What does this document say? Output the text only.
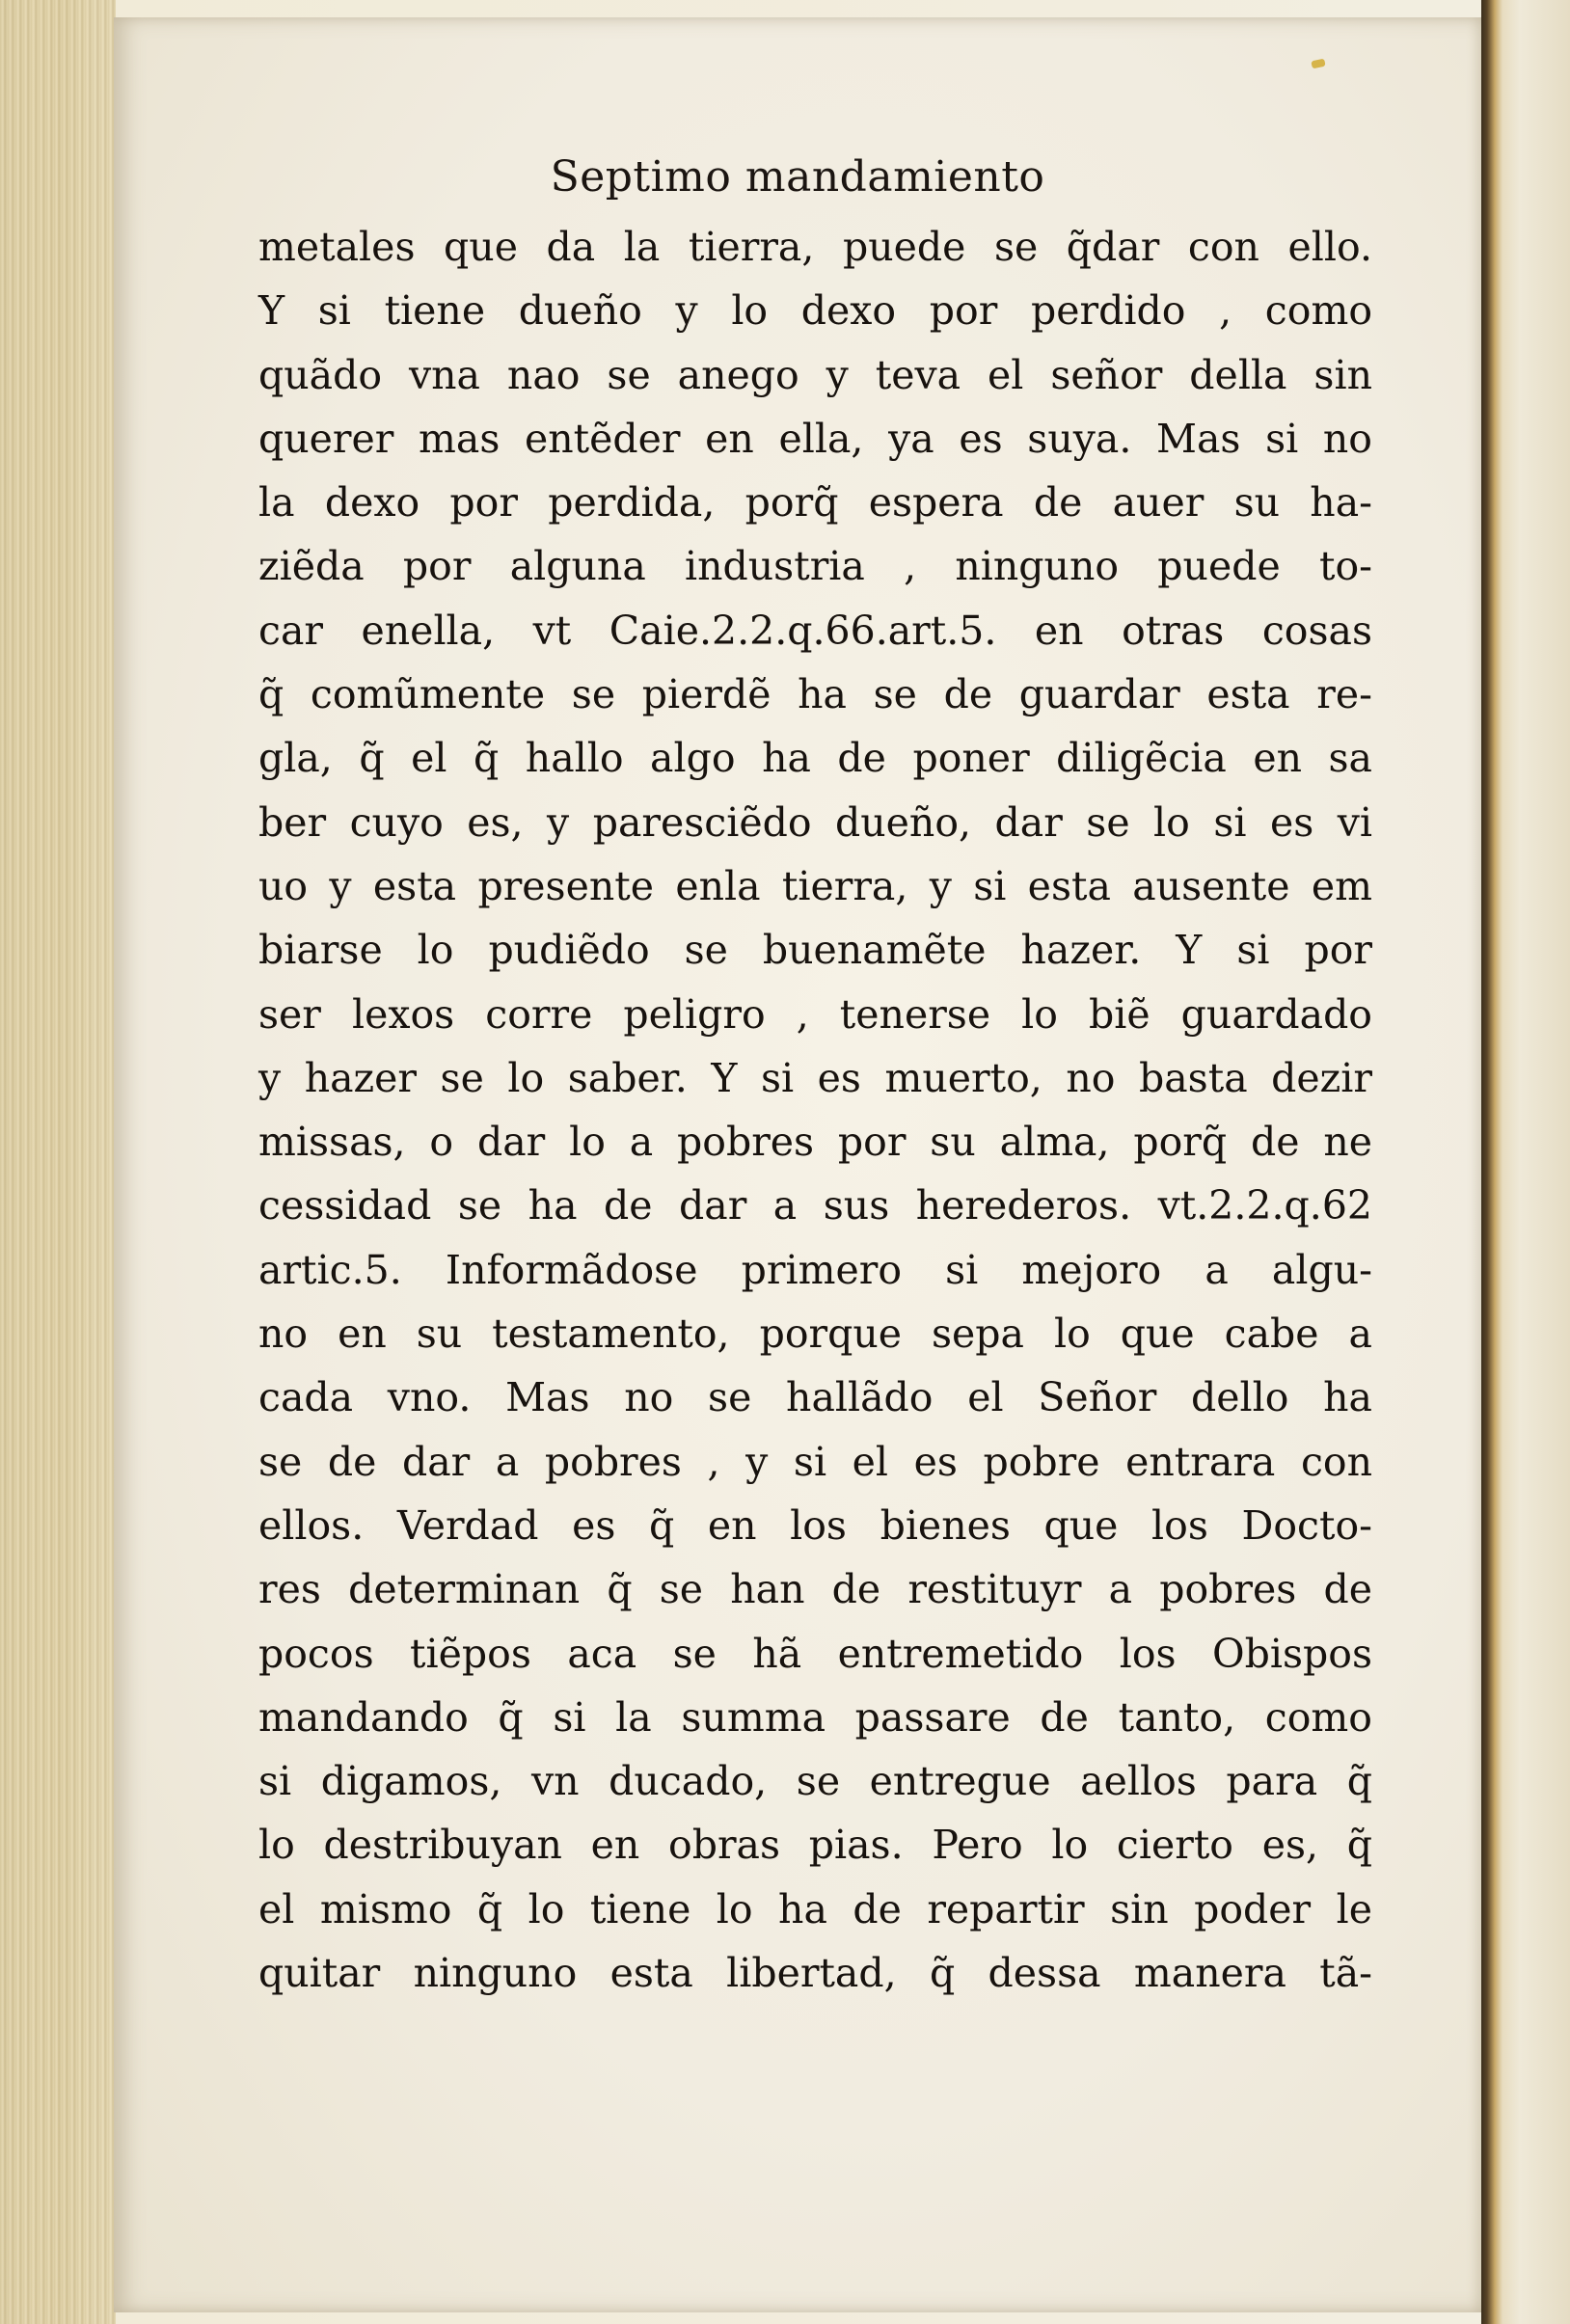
Septimo mandamiento
metales que da la tierra, puede se q̃dar con ello.
Y si tiene dueño y lo dexo por perdido , como
quãdo vna nao se anego y teva el señor della sin
querer mas entẽder en ella, ya es suya. Mas si no
la dexo por perdida, porq̃ espera de auer su ha-
ziẽda por alguna industria , ninguno puede to-
car enella, vt Caie.2.2.q.66.art.5. en otras cosas
q̃ comũmente se pierdẽ ha se de guardar esta re-
gla, q̃ el q̃ hallo algo ha de poner diligẽcia en sa
ber cuyo es, y paresciẽdo dueño, dar se lo si es vi
uo y esta presente enla tierra, y si esta ausente em
biarse lo pudiẽdo se buenamẽte hazer. Y si por
ser lexos corre peligro , tenerse lo biẽ guardado
y hazer se lo saber. Y si es muerto, no basta dezir
missas, o dar lo a pobres por su alma, porq̃ de ne
cessidad se ha de dar a sus herederos. vt.2.2.q.62
artic.5. Informãdose primero si mejoro a algu-
no en su testamento, porque sepa lo que cabe a
cada vno. Mas no se hallãdo el Señor dello ha
se de dar a pobres , y si el es pobre entrara con
ellos. Verdad es q̃ en los bienes que los Docto-
res determinan q̃ se han de restituyr a pobres de
pocos tiẽpos aca se hã entremetido los Obispos
mandando q̃ si la summa passare de tanto, como
si digamos, vn ducado, se entregue aellos para q̃
lo destribuyan en obras pias. Pero lo cierto es, q̃
el mismo q̃ lo tiene lo ha de repartir sin poder le
quitar ninguno esta libertad, q̃ dessa manera tã-
